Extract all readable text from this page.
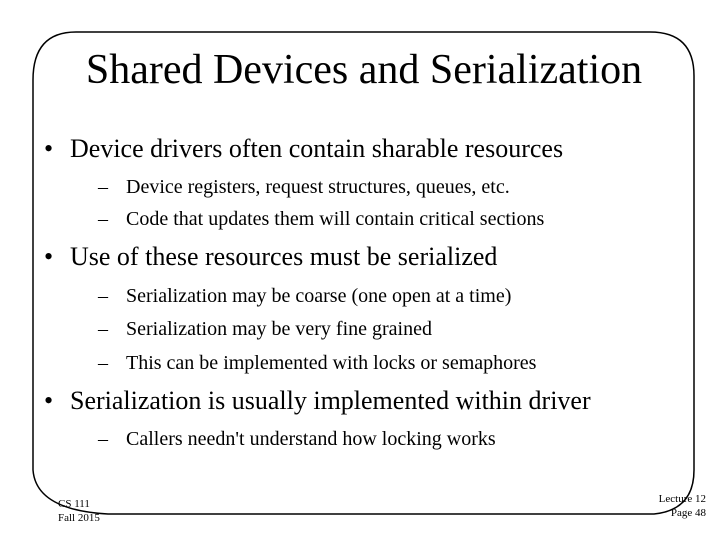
Shared Devices and Serialization
• Device drivers often contain sharable resources
– Device registers, request structures, queues, etc.
– Code that updates them will contain critical sections
• Use of these resources must be serialized
– Serialization may be coarse (one open at a time)
– Serialization may be very fine grained
– This can be implemented with locks or semaphores
• Serialization is usually implemented within driver
– Callers needn't understand how locking works
CS 111
Fall 2015
Lecture 12
Page 48
